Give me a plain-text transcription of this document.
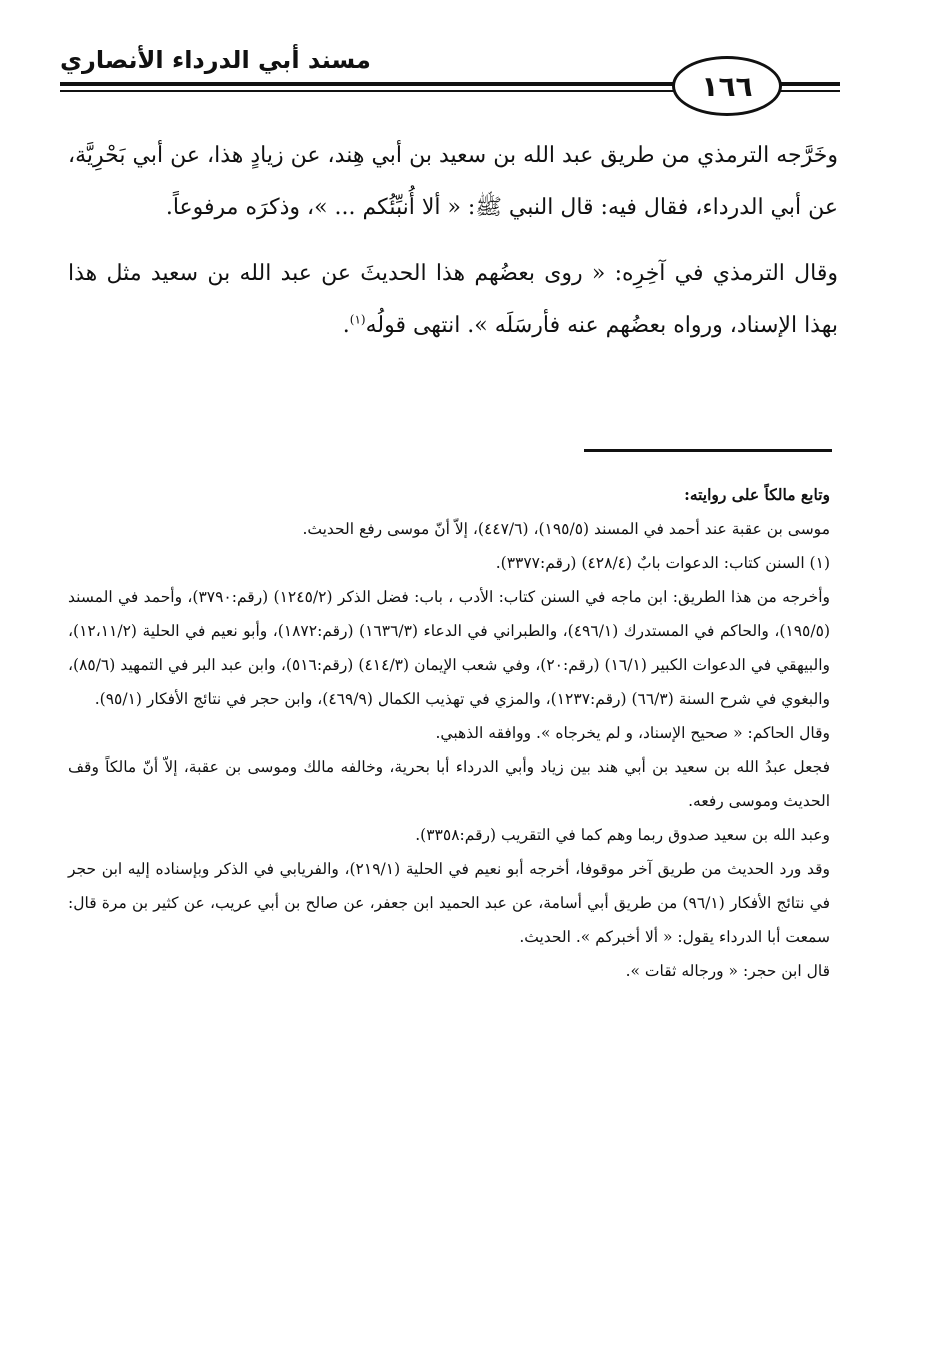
مسند أبي الدرداء الأنصاري
١٦٦

وخَرَّجه الترمذي من طريق عبد الله بن سعيد بن أبي هِند، عن زيادٍ هذا، عن أبي بَحْرِيَّة، عن أبي الدرداء، فقال فيه: قال النبي ﷺ: « ألا أُنبِّئُكم ... »، وذكرَه مرفوعاً.

وقال الترمذي في آخِرِه: « روى بعضُهم هذا الحديثَ عن عبد الله بن سعيد مثل هذا بهذا الإسناد، ورواه بعضُهم عنه فأرسَلَه ». انتهى قولُه$^{(١)}$.

وتابع مالكاً على روايته:

موسى بن عقبة عند أحمد في المسند (١٩٥/٥)، (٤٤٧/٦)، إلاّ أنّ موسى رفع الحديث.

(١) السنن كتاب: الدعوات بابٌ (٤٢٨/٤) (رقم:٣٣٧٧).

وأخرجه من هذا الطريق: ابن ماجه في السنن كتاب: الأدب ، باب: فضل الذكر (١٢٤٥/٢) (رقم:٣٧٩٠)، وأحمد في المسند (١٩٥/٥)، والحاكم في المستدرك (٤٩٦/١)، والطبراني في الدعاء (١٦٣٦/٣) (رقم:١٨٧٢)، وأبو نعيم في الحلية (١٢،١١/٢)، والبيهقي في الدعوات الكبير (١٦/١) (رقم:٢٠)، وفي شعب الإيمان (٤١٤/٣) (رقم:٥١٦)، وابن عبد البر في التمهيد (٨٥/٦)، والبغوي في شرح السنة (٦٦/٣) (رقم:١٢٣٧)، والمزي في تهذيب الكمال (٤٦٩/٩)، وابن حجر في نتائج الأفكار (٩٥/١).

وقال الحاكم: « صحيح الإسناد، و لم يخرجاه ». ووافقه الذهبي.

فجعل عبدُ الله بن سعيد بن أبي هند بين زياد وأبي الدرداء أبا بحرية، وخالفه مالك وموسى بن عقبة، إلاّ أنّ مالكاً وقف الحديث وموسى رفعه.

وعبد الله بن سعيد صدوق ربما وهم كما في التقريب (رقم:٣٣٥٨).

وقد ورد الحديث من طريق آخر موقوفا، أخرجه أبو نعيم في الحلية (٢١٩/١)، والفريابي في الذكر وبإسناده إليه ابن حجر في نتائج الأفكار (٩٦/١) من طريق أبي أسامة، عن عبد الحميد ابن جعفر، عن صالح بن أبي عريب، عن كثير بن مرة قال: سمعت أبا الدرداء يقول: « ألا أخبركم ». الحديث.

قال ابن حجر: « ورجاله ثقات ».
